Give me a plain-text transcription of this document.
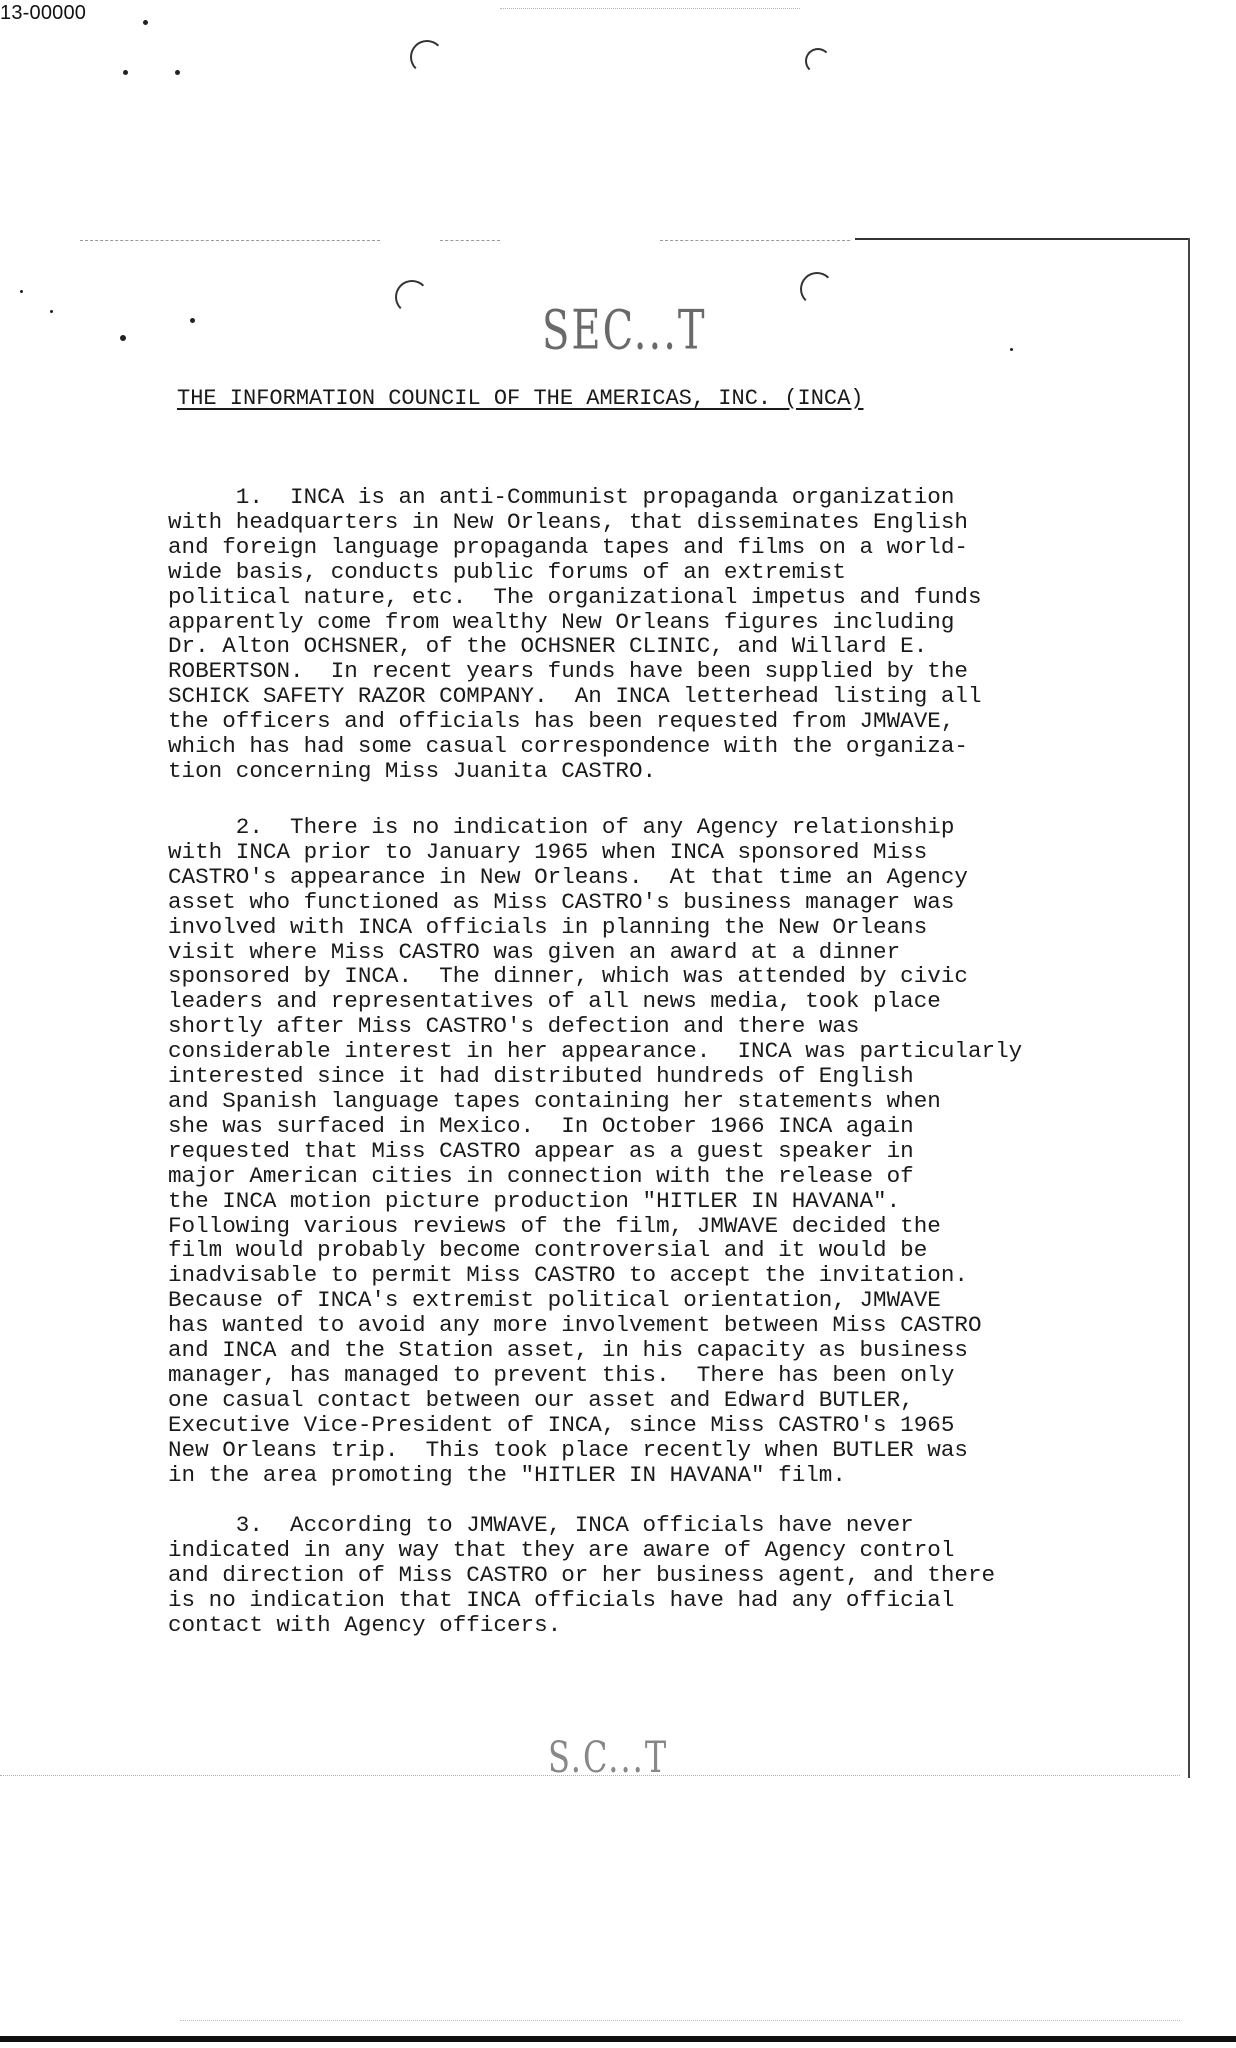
13-00000
SEC...T
THE INFORMATION COUNCIL OF THE AMERICAS, INC. (INCA)

1.  INCA is an anti-Communist propaganda organization
with headquarters in New Orleans, that disseminates English
and foreign language propaganda tapes and films on a world-
wide basis, conducts public forums of an extremist
political nature, etc.  The organizational impetus and funds
apparently come from wealthy New Orleans figures including
Dr. Alton OCHSNER, of the OCHSNER CLINIC, and Willard E.
ROBERTSON.  In recent years funds have been supplied by the
SCHICK SAFETY RAZOR COMPANY.  An INCA letterhead listing all
the officers and officials has been requested from JMWAVE,
which has had some casual correspondence with the organiza-
tion concerning Miss Juanita CASTRO.

2.  There is no indication of any Agency relationship
with INCA prior to January 1965 when INCA sponsored Miss
CASTRO's appearance in New Orleans.  At that time an Agency
asset who functioned as Miss CASTRO's business manager was
involved with INCA officials in planning the New Orleans
visit where Miss CASTRO was given an award at a dinner
sponsored by INCA.  The dinner, which was attended by civic
leaders and representatives of all news media, took place
shortly after Miss CASTRO's defection and there was
considerable interest in her appearance.  INCA was particularly
interested since it had distributed hundreds of English
and Spanish language tapes containing her statements when
she was surfaced in Mexico.  In October 1966 INCA again
requested that Miss CASTRO appear as a guest speaker in
major American cities in connection with the release of
the INCA motion picture production "HITLER IN HAVANA".
Following various reviews of the film, JMWAVE decided the
film would probably become controversial and it would be
inadvisable to permit Miss CASTRO to accept the invitation.
Because of INCA's extremist political orientation, JMWAVE
has wanted to avoid any more involvement between Miss CASTRO
and INCA and the Station asset, in his capacity as business
manager, has managed to prevent this.  There has been only
one casual contact between our asset and Edward BUTLER,
Executive Vice-President of INCA, since Miss CASTRO's 1965
New Orleans trip.  This took place recently when BUTLER was
in the area promoting the "HITLER IN HAVANA" film.

3.  According to JMWAVE, INCA officials have never
indicated in any way that they are aware of Agency control
and direction of Miss CASTRO or her business agent, and there
is no indication that INCA officials have had any official
contact with Agency officers.

S.C...T
